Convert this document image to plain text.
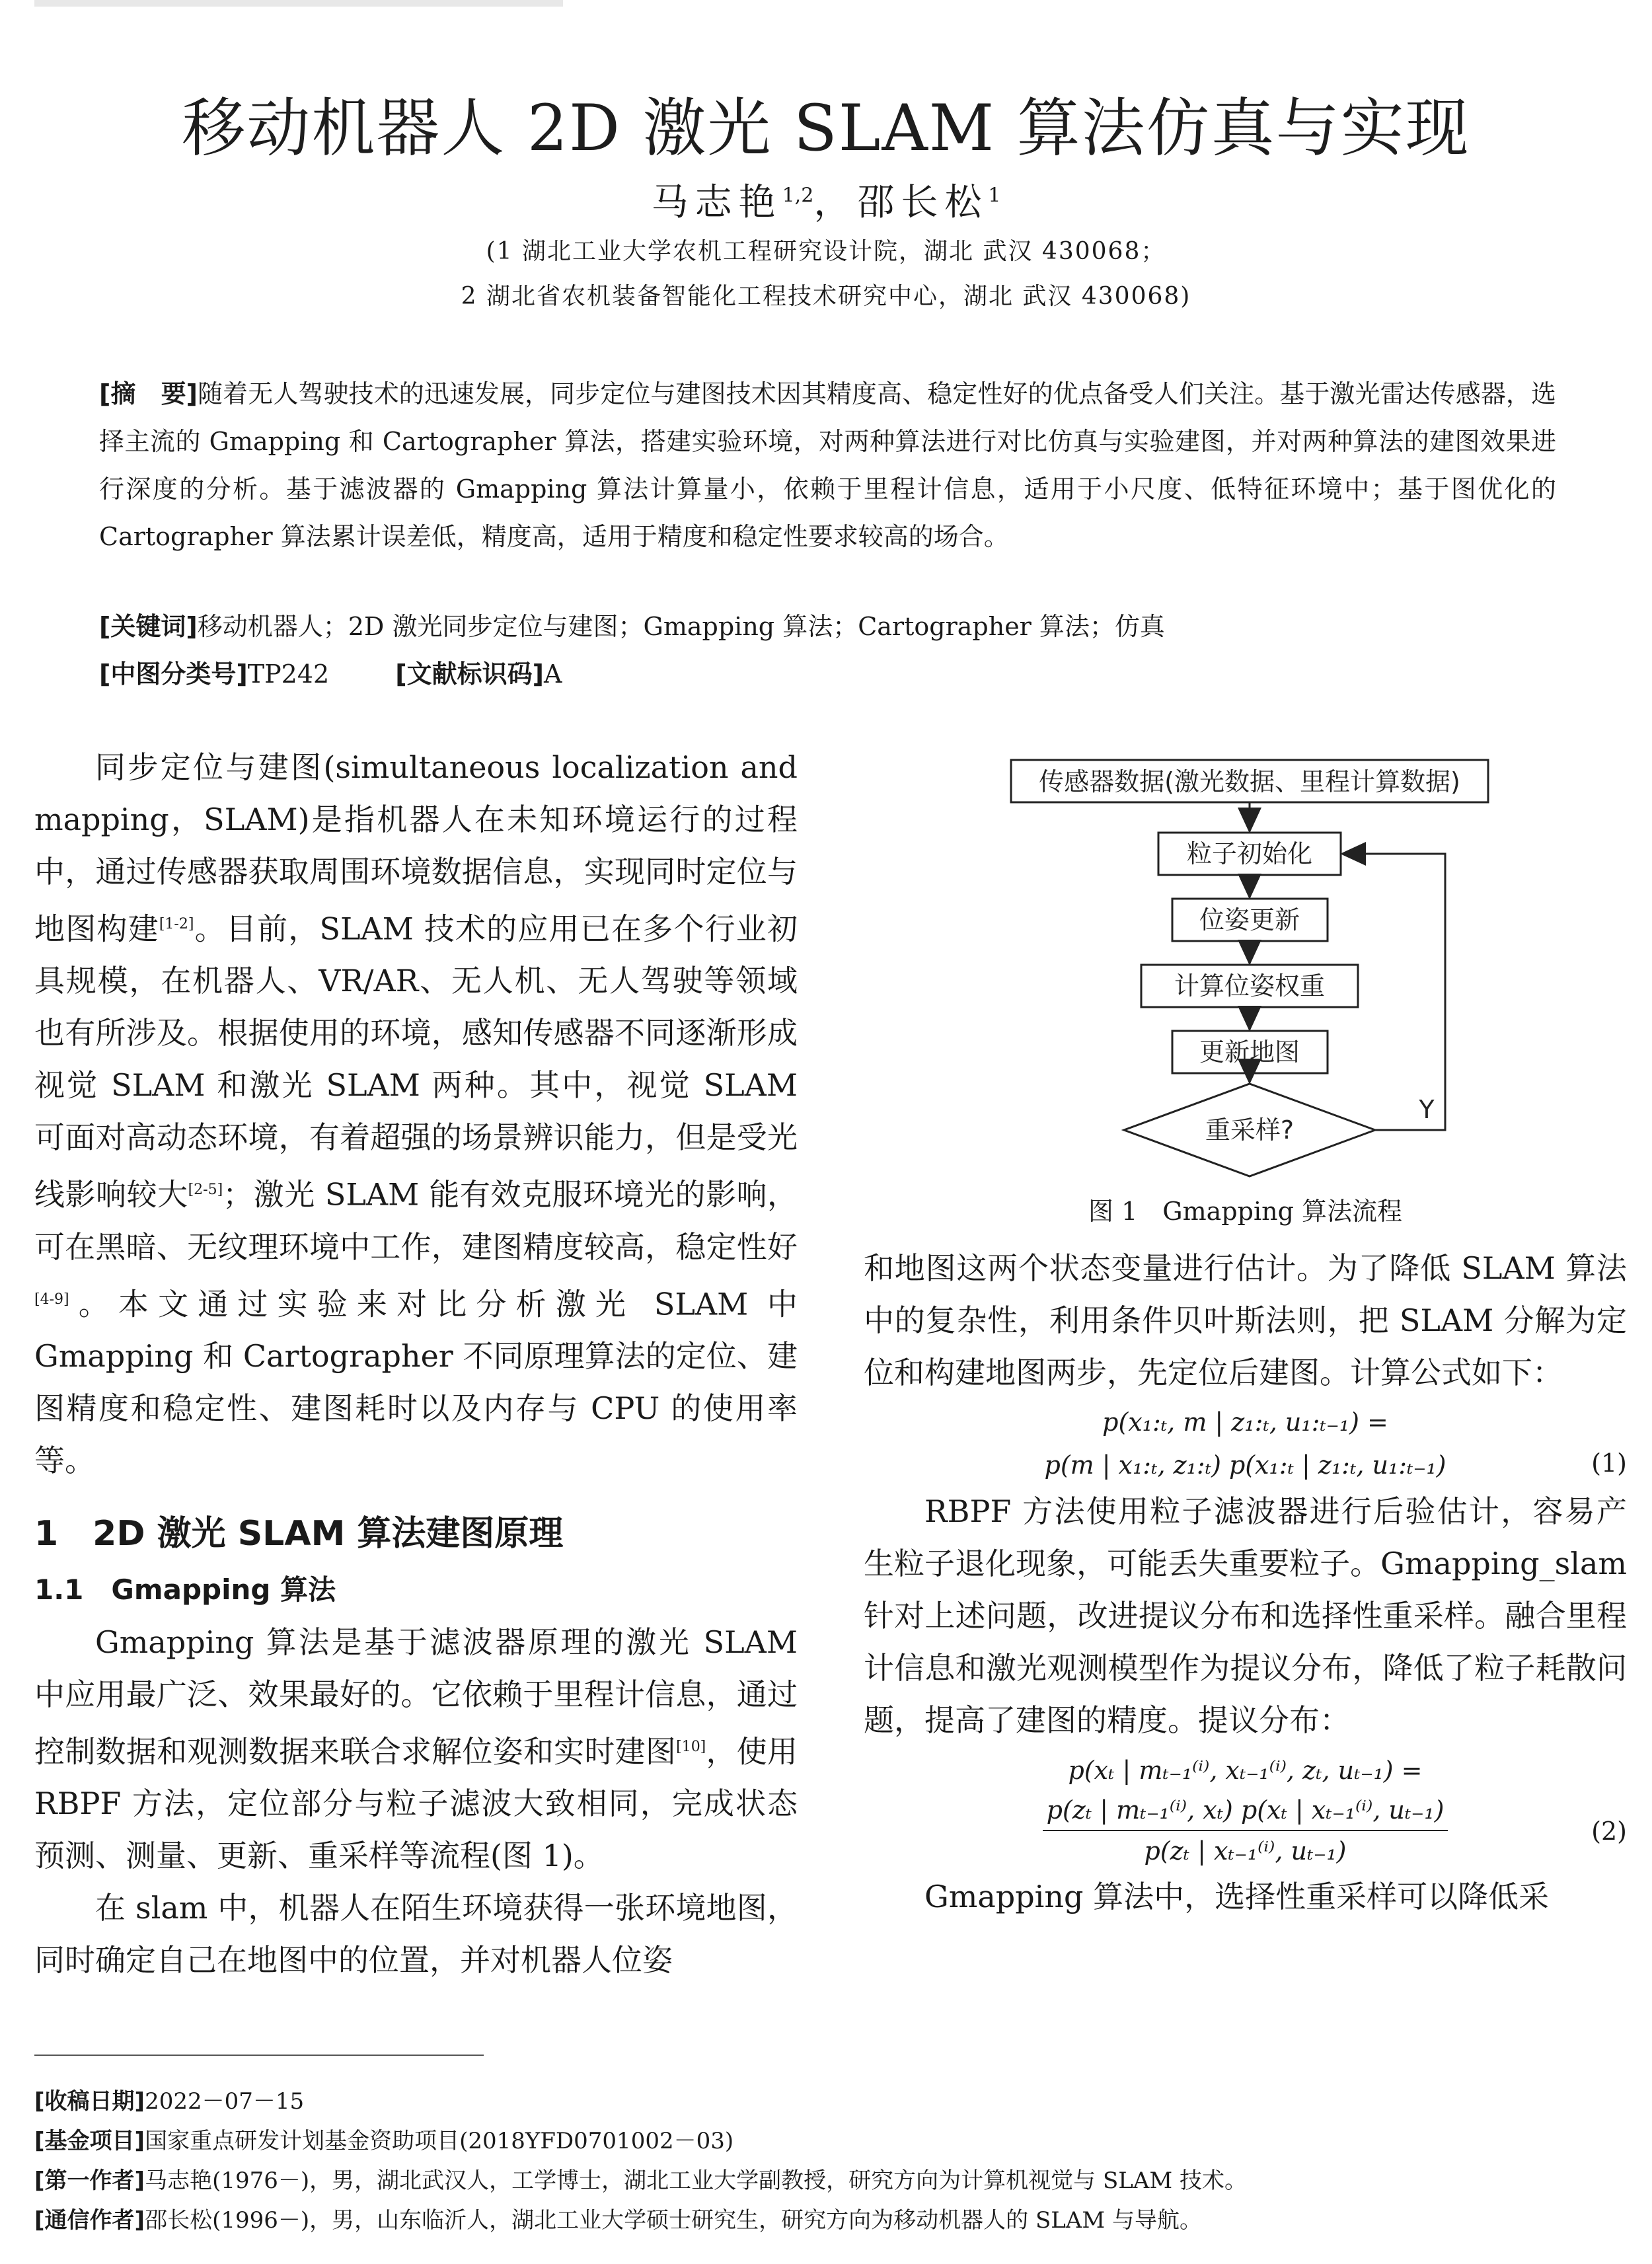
移动机器人 2D 激光 SLAM 算法仿真与实现
马志艳$^{1,2}$，邵长松$^1$
(1 湖北工业大学农机工程研究设计院，湖北 武汉 430068；
2 湖北省农机装备智能化工程技术研究中心，湖北 武汉 430068)
[摘　要]随着无人驾驶技术的迅速发展，同步定位与建图技术因其精度高、稳定性好的优点备受人们关注。基于激光雷达传感器，选择主流的 Gmapping 和 Cartographer 算法，搭建实验环境，对两种算法进行对比仿真与实验建图，并对两种算法的建图效果进行深度的分析。基于滤波器的 Gmapping 算法计算量小，依赖于里程计信息，适用于小尺度、低特征环境中；基于图优化的 Cartographer 算法累计误差低，精度高，适用于精度和稳定性要求较高的场合。
[关键词]移动机器人；2D 激光同步定位与建图；Gmapping 算法；Cartographer 算法；仿真
[中图分类号]TP242	[文献标识码]A

同步定位与建图(simultaneous localization and mapping，SLAM)是指机器人在未知环境运行的过程中，通过传感器获取周围环境数据信息，实现同时定位与地图构建[1-2]。目前，SLAM 技术的应用已在多个行业初具规模，在机器人、VR/AR、无人机、无人驾驶等领域也有所涉及。根据使用的环境，感知传感器不同逐渐形成视觉 SLAM 和激光 SLAM 两种。其中，视觉 SLAM 可面对高动态环境，有着超强的场景辨识能力，但是受光线影响较大[2-5]；激光 SLAM 能有效克服环境光的影响，可在黑暗、无纹理环境中工作，建图精度较高，稳定性好[4-9]。本文通过实验来对比分析激光 SLAM 中 Gmapping 和 Cartographer 不同原理算法的定位、建图精度和稳定性、建图耗时以及内存与 CPU 的使用率等。

1　2D 激光 SLAM 算法建图原理
1.1　Gmapping 算法

Gmapping 算法是基于滤波器原理的激光 SLAM 中应用最广泛、效果最好的。它依赖于里程计信息，通过控制数据和观测数据来联合求解位姿和实时建图[10]，使用 RBPF 方法，定位部分与粒子滤波大致相同，完成状态预测、测量、更新、重采样等流程(图 1)。

在 slam 中，机器人在陌生环境获得一张环境地图，同时确定自己在地图中的位置，并对机器人位姿

传感器数据(激光数据、里程计算数据)
粒子初始化
位姿更新
计算位姿权重
更新地图
重采样?
Y
图 1　Gmapping 算法流程

和地图这两个状态变量进行估计。为了降低 SLAM 算法中的复杂性，利用条件贝叶斯法则，把 SLAM 分解为定位和构建地图两步，先定位后建图。计算公式如下：

p(x₁:ₜ, m | z₁:ₜ, u₁:ₜ₋₁) =
p(m | x₁:ₜ, z₁:ₜ) p(x₁:ₜ | z₁:ₜ, u₁:ₜ₋₁)	(1)

RBPF 方法使用粒子滤波器进行后验估计，容易产生粒子退化现象，可能丢失重要粒子。Gmapping_slam 针对上述问题，改进提议分布和选择性重采样。融合里程计信息和激光观测模型作为提议分布，降低了粒子耗散问题，提高了建图的精度。提议分布：

p(xₜ | mₜ₋₁⁽ⁱ⁾, xₜ₋₁⁽ⁱ⁾, zₜ, uₜ₋₁) =
$\frac{\text{p(zₜ | mₜ₋₁⁽ⁱ⁾, xₜ) p(xₜ | xₜ₋₁⁽ⁱ⁾, uₜ₋₁)}}{\text{p(zₜ | xₜ₋₁⁽ⁱ⁾, uₜ₋₁)}}$	(2)

Gmapping 算法中，选择性重采样可以降低采

[收稿日期]2022－07－15
[基金项目]国家重点研发计划基金资助项目(2018YFD0701002－03)
[第一作者]马志艳(1976－)，男，湖北武汉人，工学博士，湖北工业大学副教授，研究方向为计算机视觉与 SLAM 技术。
[通信作者]邵长松(1996－)，男，山东临沂人，湖北工业大学硕士研究生，研究方向为移动机器人的 SLAM 与导航。
